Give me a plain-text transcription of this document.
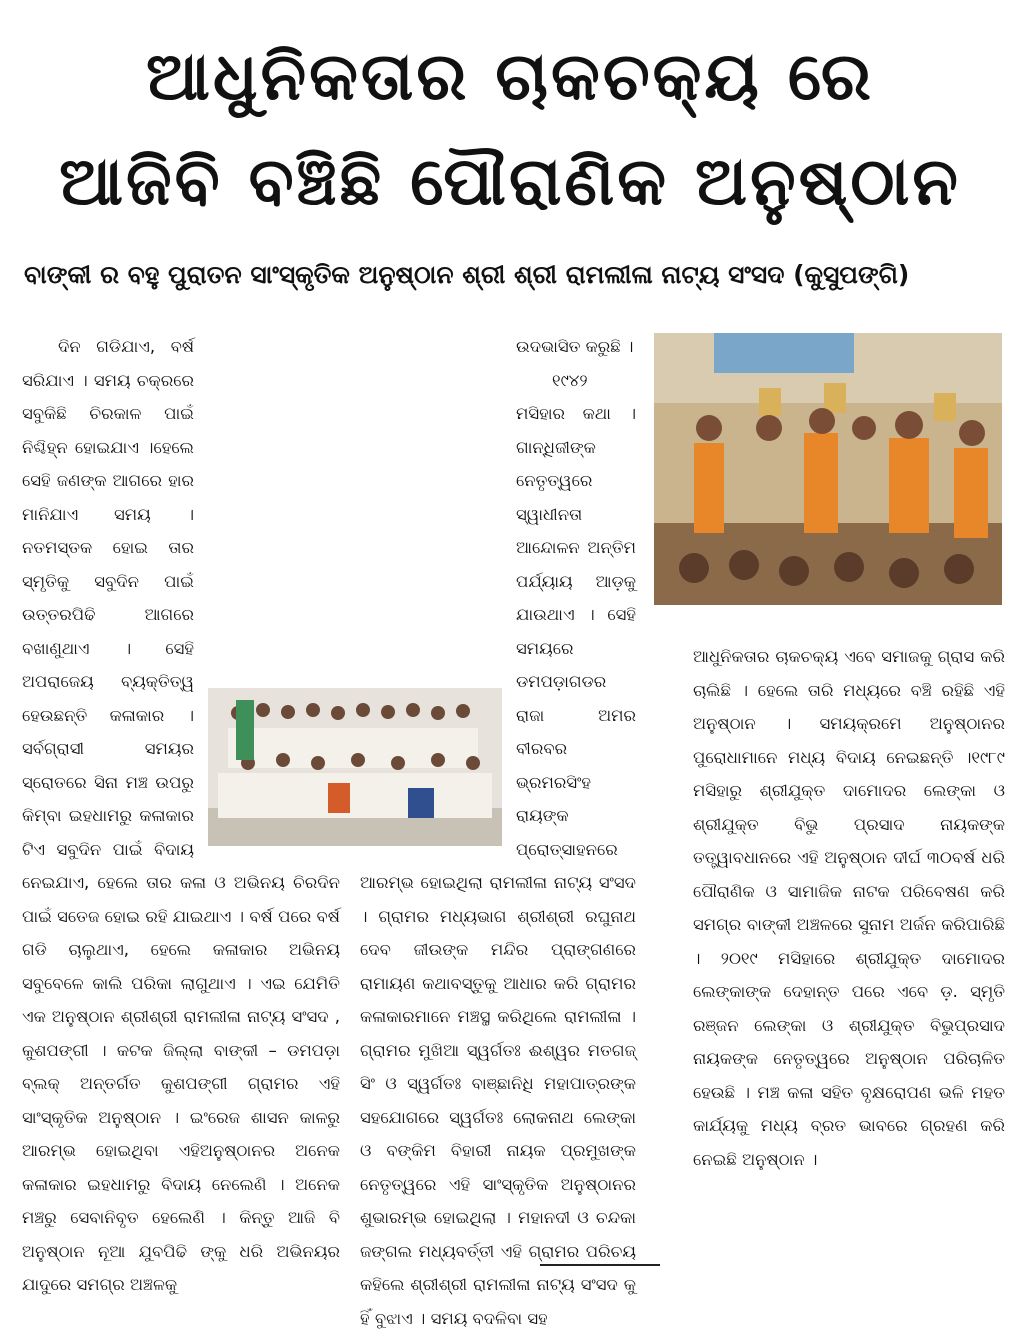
ଆଧୁନିକତାର ଚାକଚକ୍ୟ ରେ
ଆଜିବି ବଞ୍ଚିଛି ପୌରାଣିକ ଅନୁଷ୍ଠାନ
ବାଙ୍କୀ ର ବହୁ ପୁରାତନ ସାଂସ୍କୃତିକ ଅନୁଷ୍ଠାନ ଶ୍ରୀ ଶ୍ରୀ ରାମଲୀଳା ନାଟ୍ୟ ସଂସଦ (କୁସୁପଙ୍ଗି)

ଦିନ ଗଡିଯାଏ, ବର୍ଷ ସରିଯାଏ । ସମୟ ଚକ୍ରରେ ସବୁକିଛି ଚିରକାଳ ପାଇଁ ନିଶ୍ଚିହ୍ନ ହୋଇଯାଏ ।ହେଲେ ସେହି ଜଣଙ୍କ ଆଗରେ ହାର ମାନିଯାଏ ସମୟ ।ନତମସ୍ତକ ହୋଇ ତାର ସ୍ମୃତିକୁ ସବୁଦିନ ପାଇଁ ଉତ୍ତରପିଢି ଆଗରେ ବଖାଣୁଥାଏ । ସେହି ଅପରାଜେୟ ବ୍ୟକ୍ତିତ୍ୱ ହେଉଛନ୍ତି କଳାକାର । ସର୍ବଗ୍ରାସୀ ସମୟର ସ୍ରୋତରେ ସିନା ମଞ୍ଚ ଉପରୁ କିମ୍ବା ଇହଧାମରୁ କଳାକାର ଟିଏ ସବୁଦିନ ପାଇଁ ବିଦାୟ ନେଇଯାଏ, ହେଲେ ତାର କଳା ଓ ଅଭିନୟ ଚିରଦିନ ପାଇଁ ସତେଜ ହୋଇ ରହି ଯାଇଥାଏ । ବର୍ଷ ପରେ ବର୍ଷ ଗଡି ଚାଲୁଥାଏ, ହେଲେ କଳାକାର ଅଭିନୟ ସବୁବେଳେ କାଲି ପରିକା ଲାଗୁଥାଏ । ଏଇ ଯେମିତି ଏକ ଅନୁଷ୍ଠାନ ଶ୍ରୀଶ୍ରୀ ରାମଲୀଳା ନାଟ୍ୟ ସଂସଦ , କୁଶପଙ୍ଗୀ । କଟକ ଜିଲ୍ଲା ବାଙ୍କୀ – ଡମପଡ଼ା ବ୍ଲକ୍ ଅନ୍ତର୍ଗତ କୁଶପଙ୍ଗୀ ଗ୍ରାମର ଏହି ସାଂସ୍କୃତିକ ଅନୁଷ୍ଠାନ । ଇଂରେଜ ଶାସନ କାଳରୁ ଆରମ୍ଭ ହୋଇଥିବା ଏହିଅନୁଷ୍ଠାନର ଅନେକ କଳାକାର ଇହଧାମରୁ ବିଦାୟ ନେଲେଣି । ଅନେକ ମଞ୍ଚରୁ ସେବାନିବୃତ ହେଲେଣି । କିନ୍ତୁ ଆଜି ବି ଅନୁଷ୍ଠାନ ନୂଆ ଯୁବପିଢି ଙ୍କୁ ଧରି ଅଭିନୟର ଯାଦୁରେ ସମଗ୍ର ଅଞ୍ଚଳକୁ

ଉଦଭାସିତ କରୁଛି ।

୧୯୪୨ ମସିହାର କଥା । ଗାନ୍ଧିଜୀଙ୍କ ନେତୃତ୍ୱରେ ସ୍ୱାଧୀନତା ଆନ୍ଦୋଳନ ଅନ୍ତିମ ପର୍ଯ୍ୟାୟ ଆଡ଼କୁ ଯାଉଥାଏ । ସେହି ସମୟରେ ଡମପଡ଼ାଗଡର ରାଜା ଅମର ବୀରବର ଭ୍ରମରସିଂହ ରାୟଙ୍କ ପ୍ରୋତ୍ସାହନରେ ଆରମ୍ଭ ହୋଇଥିଲା ରାମଲୀଳା ନାଟ୍ୟ ସଂସଦ । ଗ୍ରାମର ମଧ୍ୟଭାଗ ଶ୍ରୀଶ୍ରୀ ରଘୁନାଥ ଦେବ ଜୀଉଙ୍କ ମନ୍ଦିର ପ୍ରାଙ୍ଗଣରେ ରାମାୟଣ କଥାବସ୍ତୁକୁ ଆଧାର କରି ଗ୍ରାମର କଳାକାରମାନେ ମଞ୍ଚସ୍ଥ କରିଥିଲେ ରାମଲୀଳା । ଗ୍ରାମର ମୁଖିଆ ସ୍ୱର୍ଗତଃ ଈଶ୍ୱର ମତଗଜ୍ ସିଂ ଓ ସ୍ୱର୍ଗତଃ ବାଞ୍ଛାନିଧି ମହାପାତ୍ରଙ୍କ ସହଯୋଗରେ ସ୍ୱର୍ଗତଃ ଲୋକନାଥ ଲେଙ୍କା ଓ ବଙ୍କିମ ବିହାରୀ ନାୟକ ପ୍ରମୁଖଙ୍କ ନେତୃତ୍ୱରେ ଏହି ସାଂସ୍କୃତିକ ଅନୁଷ୍ଠାନର ଶୁଭାରମ୍ଭ ହୋଇଥିଲା । ମହାନଦୀ ଓ ଚନ୍ଦକା ଜଙ୍ଗଲ ମଧ୍ୟବର୍ତ୍ତୀ ଏହି ଗ୍ରାମର ପରିଚୟ କହିଲେ ଶ୍ରୀଶ୍ରୀ ରାମଲୀଳା ନାଟ୍ୟ ସଂସଦ କୁ ହିଁ ବୁଝାଏ । ସମୟ ବଦଳିବା ସହ

ଆଧୁନିକତାର ଚାକଚକ୍ୟ ଏବେ ସମାଜକୁ ଗ୍ରାସ କରି ଚାଲିଛି । ହେଲେ ତାରି ମଧ୍ୟରେ ବଞ୍ଚି ରହିଛି ଏହି ଅନୁଷ୍ଠାନ । ସମୟକ୍ରମେ ଅନୁଷ୍ଠାନର ପୁରୋଧାମାନେ ମଧ୍ୟ ବିଦାୟ ନେଇଛନ୍ତି ।୧୯୮୯ ମସିହାରୁ ଶ୍ରୀଯୁକ୍ତ ଦାମୋଦର ଲେଙ୍କା ଓ ଶ୍ରୀଯୁକ୍ତ ବିଭୁ ପ୍ରସାଦ ନାୟକଙ୍କ ତତ୍ତ୍ୱାବଧାନରେ ଏହି ଅନୁଷ୍ଠାନ ଦୀର୍ଘ ୩୦ବର୍ଷ ଧରି ପୌରାଣିକ ଓ ସାମାଜିକ ନାଟକ ପରିବେଷଣ କରି ସମଗ୍ର ବାଙ୍କୀ ଅଞ୍ଚଳରେ ସୁନାମ ଅର୍ଜନ କରିପାରିଛି । ୨୦୧୯ ମସିହାରେ ଶ୍ରୀଯୁକ୍ତ ଦାମୋଦର ଲେଙ୍କାଙ୍କ ଦେହାନ୍ତ ପରେ ଏବେ ଡ଼. ସ୍ମୃତି ରଞ୍ଜନ ଲେଙ୍କା ଓ ଶ୍ରୀଯୁକ୍ତ ବିଭୁପ୍ରସାଦ ନାୟକଙ୍କ ନେତୃତ୍ୱରେ ଅନୁଷ୍ଠାନ ପରିଚାଳିତ ହେଉଛି । ମଞ୍ଚ କଳା ସହିତ ବୃକ୍ଷରୋପଣ ଭଳି ମହତ କାର୍ଯ୍ୟକୁ ମଧ୍ୟ ବ୍ରତ ଭାବରେ ଗ୍ରହଣ କରି ନେଇଛି ଅନୁଷ୍ଠାନ ।
